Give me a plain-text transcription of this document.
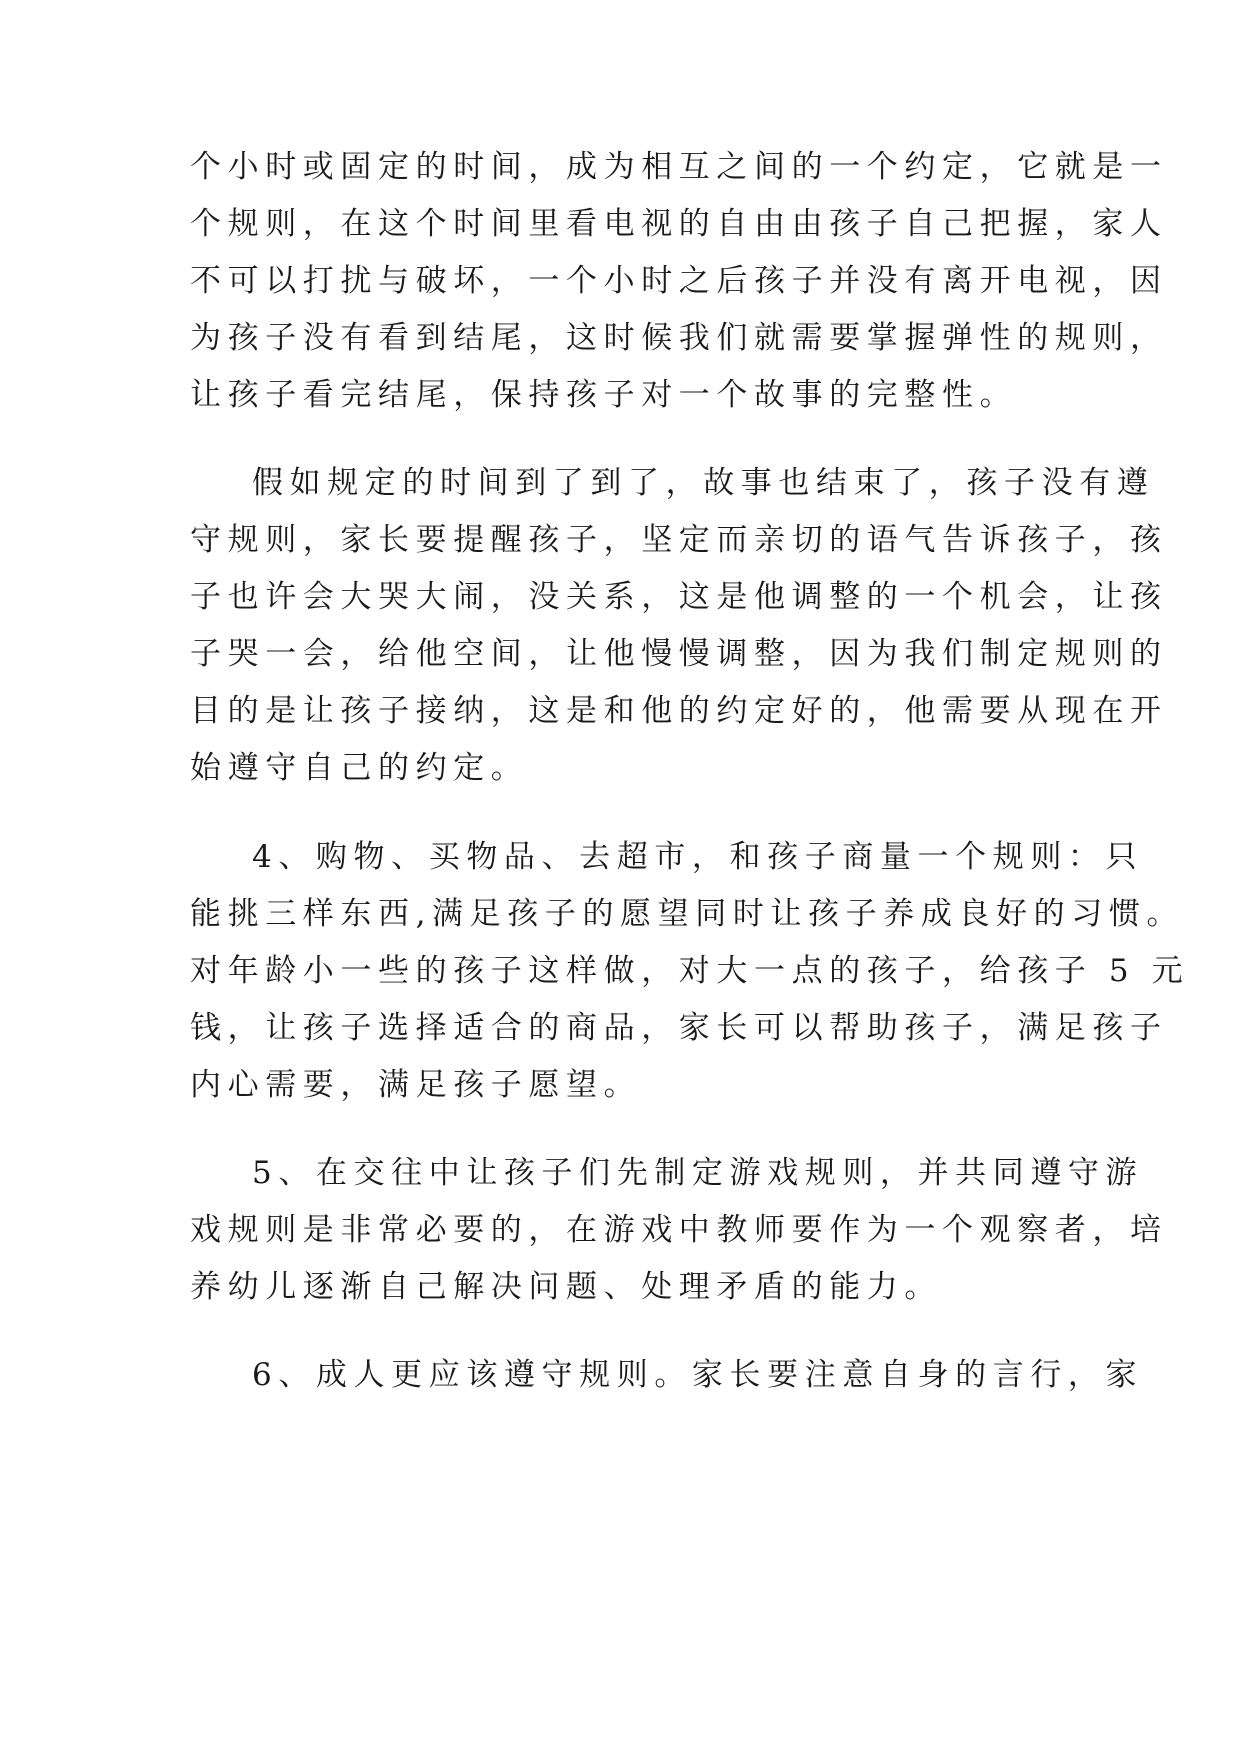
个小时或固定的时间，成为相互之间的一个约定，它就是一
个规则，在这个时间里看电视的自由由孩子自己把握，家人
不可以打扰与破坏，一个小时之后孩子并没有离开电视，因
为孩子没有看到结尾，这时候我们就需要掌握弹性的规则，
让孩子看完结尾，保持孩子对一个故事的完整性。
假如规定的时间到了到了，故事也结束了，孩子没有遵
守规则，家长要提醒孩子，坚定而亲切的语气告诉孩子，孩
子也许会大哭大闹，没关系，这是他调整的一个机会，让孩
子哭一会，给他空间，让他慢慢调整，因为我们制定规则的
目的是让孩子接纳，这是和他的约定好的，他需要从现在开
始遵守自己的约定。
4、购物、买物品、去超市，和孩子商量一个规则：只
能挑三样东西,满足孩子的愿望同时让孩子养成良好的习惯。
对年龄小一些的孩子这样做，对大一点的孩子，给孩子 5 元
钱，让孩子选择适合的商品，家长可以帮助孩子，满足孩子
内心需要，满足孩子愿望。
5、在交往中让孩子们先制定游戏规则，并共同遵守游
戏规则是非常必要的，在游戏中教师要作为一个观察者，培
养幼儿逐渐自己解决问题、处理矛盾的能力。
6、成人更应该遵守规则。家长要注意自身的言行，家
